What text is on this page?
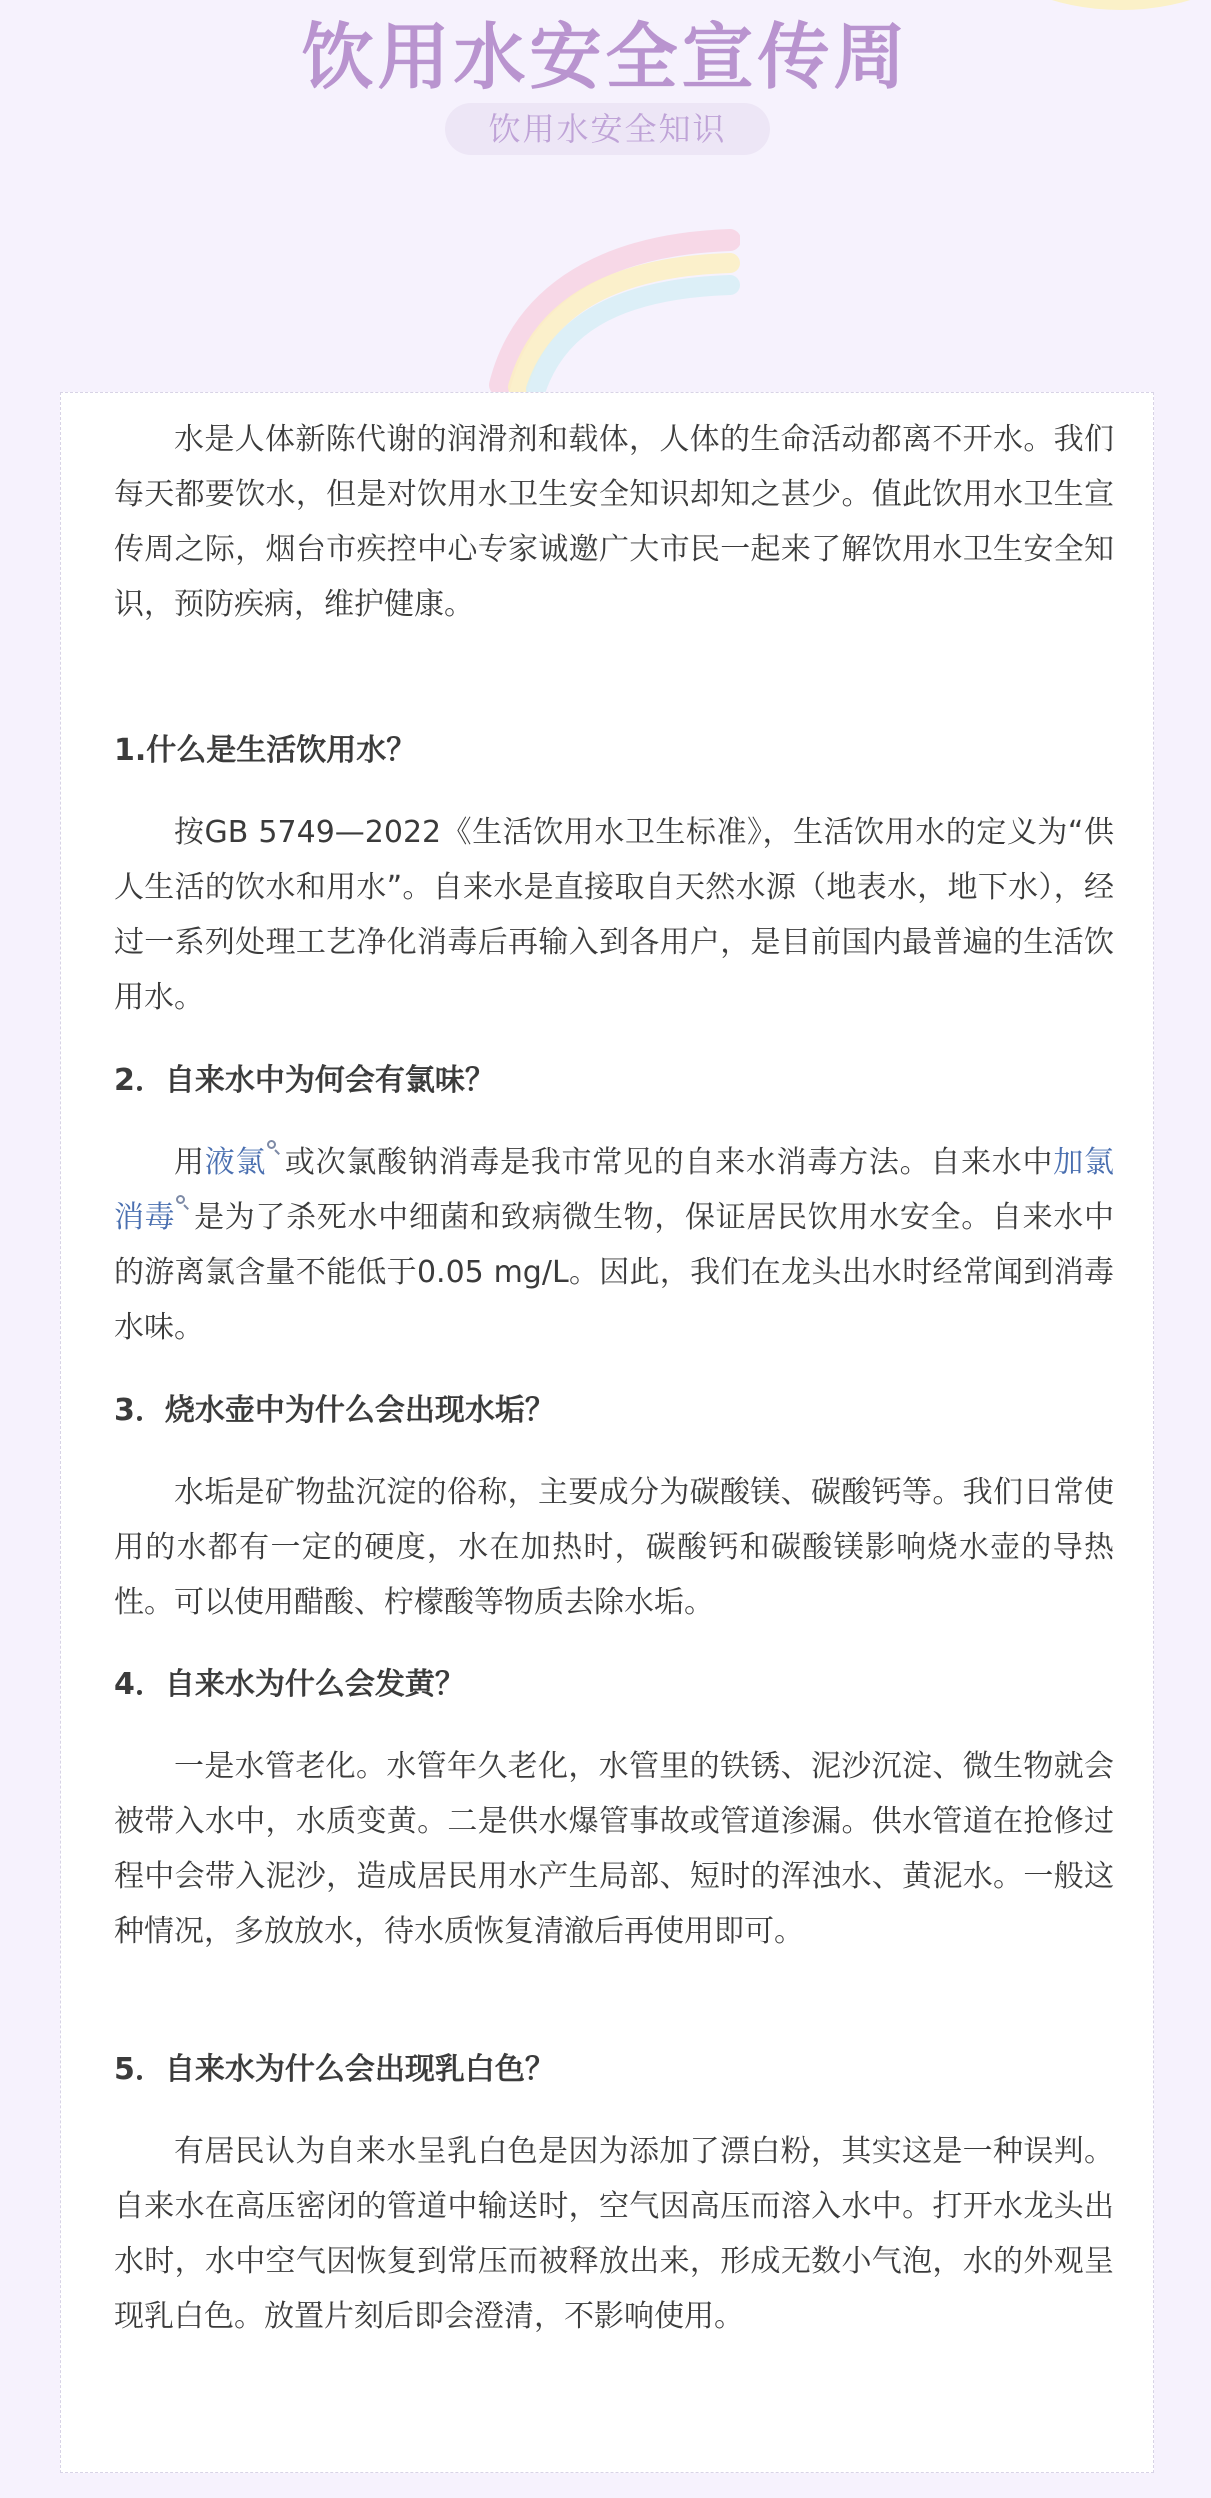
饮用水安全宣传周
饮用水安全知识

水是人体新陈代谢的润滑剂和载体，人体的生命活动都离不开水。我们每天都要饮水，但是对饮用水卫生安全知识却知之甚少。值此饮用水卫生宣传周之际，烟台市疾控中心专家诚邀广大市民一起来了解饮用水卫生安全知识，预防疾病，维护健康。

1.什么是生活饮用水？

按GB 5749—2022《生活饮用水卫生标准》，生活饮用水的定义为“供人生活的饮水和用水”。自来水是直接取自天然水源（地表水，地下水），经过一系列处理工艺净化消毒后再输入到各用户，是目前国内最普遍的生活饮用水。

2．自来水中为何会有氯味？

用液氯 或次氯酸钠消毒是我市常见的自来水消毒方法。自来水中加氯消毒 是为了杀死水中细菌和致病微生物，保证居民饮用水安全。自来水中的游离氯含量不能低于0.05 mg/L。因此，我们在龙头出水时经常闻到消毒水味。

3．烧水壶中为什么会出现水垢？

水垢是矿物盐沉淀的俗称，主要成分为碳酸镁、碳酸钙等。我们日常使用的水都有一定的硬度，水在加热时，碳酸钙和碳酸镁影响烧水壶的导热性。可以使用醋酸、柠檬酸等物质去除水垢。

4．自来水为什么会发黄？

一是水管老化。水管年久老化，水管里的铁锈、泥沙沉淀、微生物就会被带入水中，水质变黄。二是供水爆管事故或管道渗漏。供水管道在抢修过程中会带入泥沙，造成居民用水产生局部、短时的浑浊水、黄泥水。一般这种情况，多放放水，待水质恢复清澈后再使用即可。

5．自来水为什么会出现乳白色？

有居民认为自来水呈乳白色是因为添加了漂白粉，其实这是一种误判。自来水在高压密闭的管道中输送时，空气因高压而溶入水中。打开水龙头出水时，水中空气因恢复到常压而被释放出来，形成无数小气泡，水的外观呈现乳白色。放置片刻后即会澄清，不影响使用。
